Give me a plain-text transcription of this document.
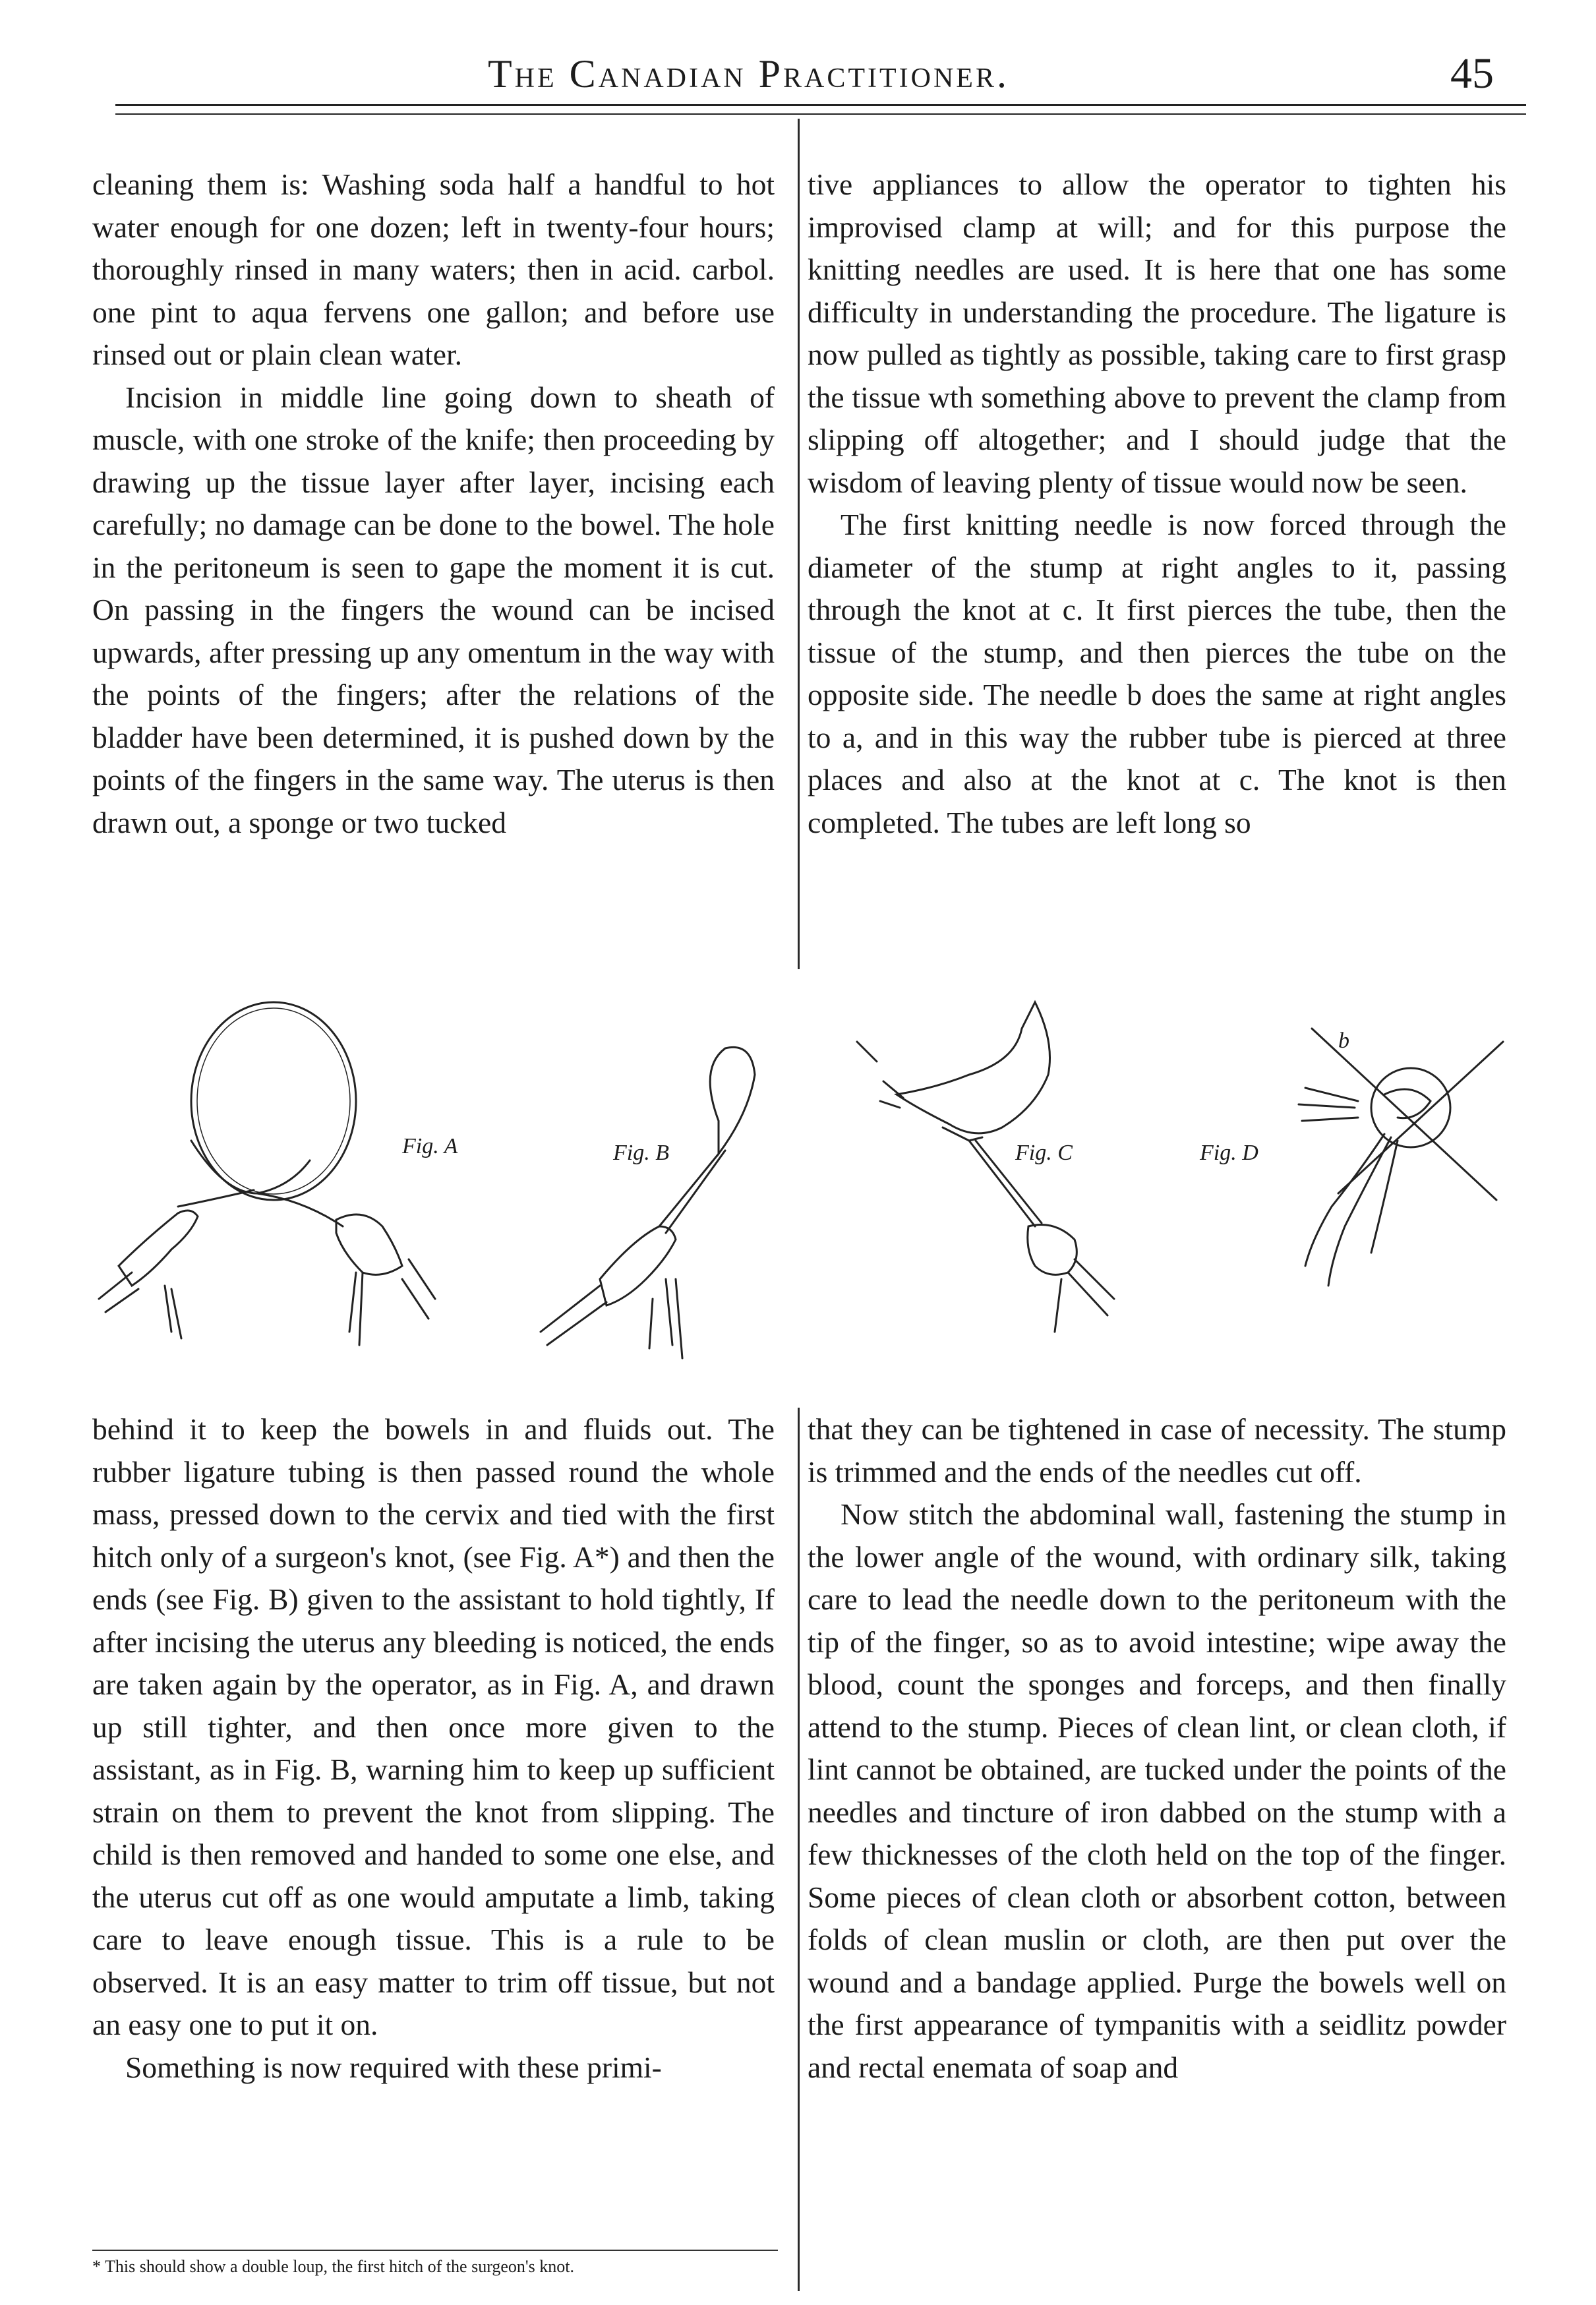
The Canadian Practitioner.	45

cleaning them is: Washing soda half a handful to hot water enough for one dozen; left in twenty-four hours; thoroughly rinsed in many waters; then in acid. carbol. one pint to aqua fervens one gallon; and before use rinsed out or plain clean water.

Incision in middle line going down to sheath of muscle, with one stroke of the knife; then proceeding by drawing up the tissue layer after layer, incising each carefully; no damage can be done to the bowel. The hole in the peritoneum is seen to gape the moment it is cut. On passing in the fingers the wound can be incised upwards, after pressing up any omentum in the way with the points of the fingers; after the relations of the bladder have been determined, it is pushed down by the points of the fingers in the same way. The uterus is then drawn out, a sponge or two tucked

tive appliances to allow the operator to tighten his improvised clamp at will; and for this purpose the knitting needles are used. It is here that one has some difficulty in understanding the procedure. The ligature is now pulled as tightly as possible, taking care to first grasp the tissue wth something above to prevent the clamp from slipping off altogether; and I should judge that the wisdom of leaving plenty of tissue would now be seen.

The first knitting needle is now forced through the diameter of the stump at right angles to it, passing through the knot at c. It first pierces the tube, then the tissue of the stump, and then pierces the tube on the opposite side. The needle b does the same at right angles to a, and in this way the rubber tube is pierced at three places and also at the knot at c. The knot is then completed. The tubes are left long so

Fig. A	Fig. B	Fig. C
b
Fig. D

behind it to keep the bowels in and fluids out. The rubber ligature tubing is then passed round the whole mass, pressed down to the cervix and tied with the first hitch only of a surgeon's knot, (see Fig. A*) and then the ends (see Fig. B) given to the assistant to hold tightly, If after incising the uterus any bleeding is noticed, the ends are taken again by the operator, as in Fig. A, and drawn up still tighter, and then once more given to the assistant, as in Fig. B, warning him to keep up sufficient strain on them to prevent the knot from slipping. The child is then removed and handed to some one else, and the uterus cut off as one would amputate a limb, taking care to leave enough tissue. This is a rule to be observed. It is an easy matter to trim off tissue, but not an easy one to put it on.

Something is now required with these primi-

that they can be tightened in case of necessity. The stump is trimmed and the ends of the needles cut off.

Now stitch the abdominal wall, fastening the stump in the lower angle of the wound, with ordinary silk, taking care to lead the needle down to the peritoneum with the tip of the finger, so as to avoid intestine; wipe away the blood, count the sponges and forceps, and then finally attend to the stump. Pieces of clean lint, or clean cloth, if lint cannot be obtained, are tucked under the points of the needles and tincture of iron dabbed on the stump with a few thicknesses of the cloth held on the top of the finger. Some pieces of clean cloth or absorbent cotton, between folds of clean muslin or cloth, are then put over the wound and a bandage applied. Purge the bowels well on the first appearance of tympanitis with a seidlitz powder and rectal enemata of soap and

* This should show a double loup, the first hitch of the surgeon's knot.
